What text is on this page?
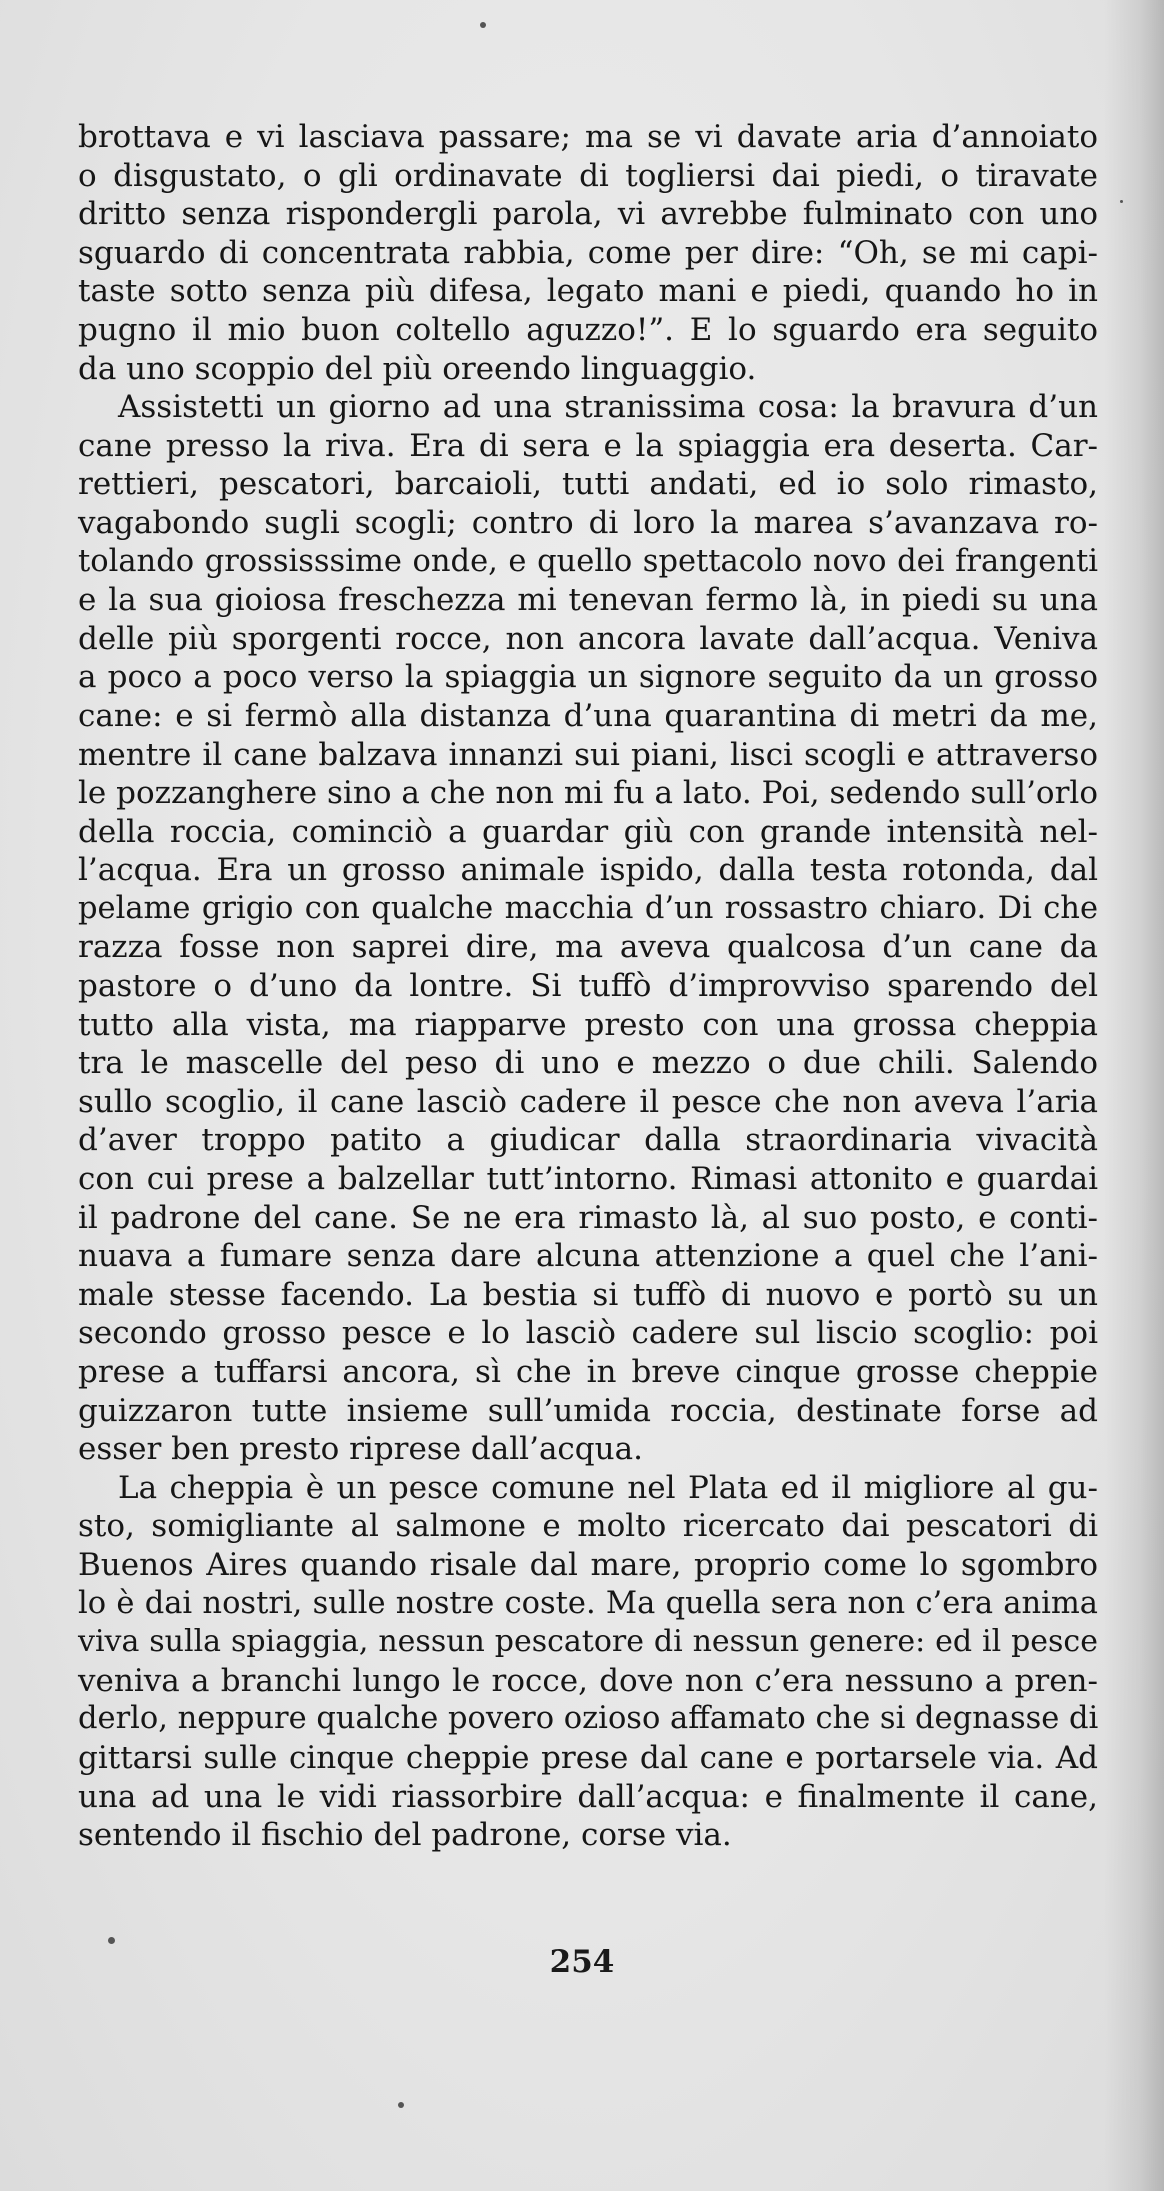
brottava e vi lasciava passare; ma se vi davate aria d’annoiato
o disgustato, o gli ordinavate di togliersi dai piedi, o tiravate
dritto senza rispondergli parola, vi avrebbe fulminato con uno
sguardo di concentrata rabbia, come per dire: “Oh, se mi capi-
taste sotto senza più difesa, legato mani e piedi, quando ho in
pugno il mio buon coltello aguzzo!”. E lo sguardo era seguito
da uno scoppio del più oreendo linguaggio.
Assistetti un giorno ad una stranissima cosa: la bravura d’un
cane presso la riva. Era di sera e la spiaggia era deserta. Car-
rettieri, pescatori, barcaioli, tutti andati, ed io solo rimasto,
vagabondo sugli scogli; contro di loro la marea s’avanzava ro-
tolando grossisssime onde, e quello spettacolo novo dei frangenti
e la sua gioiosa freschezza mi tenevan fermo là, in piedi su una
delle più sporgenti rocce, non ancora lavate dall’acqua. Veniva
a poco a poco verso la spiaggia un signore seguito da un grosso
cane: e si fermò alla distanza d’una quarantina di metri da me,
mentre il cane balzava innanzi sui piani, lisci scogli e attraverso
le pozzanghere sino a che non mi fu a lato. Poi, sedendo sull’orlo
della roccia, cominciò a guardar giù con grande intensità nel-
l’acqua. Era un grosso animale ispido, dalla testa rotonda, dal
pelame grigio con qualche macchia d’un rossastro chiaro. Di che
razza fosse non saprei dire, ma aveva qualcosa d’un cane da
pastore o d’uno da lontre. Si tuffò d’improvviso sparendo del
tutto alla vista, ma riapparve presto con una grossa cheppia
tra le mascelle del peso di uno e mezzo o due chili. Salendo
sullo scoglio, il cane lasciò cadere il pesce che non aveva l’aria
d’aver troppo patito a giudicar dalla straordinaria vivacità
con cui prese a balzellar tutt’intorno. Rimasi attonito e guardai
il padrone del cane. Se ne era rimasto là, al suo posto, e conti-
nuava a fumare senza dare alcuna attenzione a quel che l’ani-
male stesse facendo. La bestia si tuffò di nuovo e portò su un
secondo grosso pesce e lo lasciò cadere sul liscio scoglio: poi
prese a tuffarsi ancora, sì che in breve cinque grosse cheppie
guizzaron tutte insieme sull’umida roccia, destinate forse ad
esser ben presto riprese dall’acqua.
La cheppia è un pesce comune nel Plata ed il migliore al gu-
sto, somigliante al salmone e molto ricercato dai pescatori di
Buenos Aires quando risale dal mare, proprio come lo sgombro
lo è dai nostri, sulle nostre coste. Ma quella sera non c’era anima
viva sulla spiaggia, nessun pescatore di nessun genere: ed il pesce
veniva a branchi lungo le rocce, dove non c’era nessuno a pren-
derlo, neppure qualche povero ozioso affamato che si degnasse di
gittarsi sulle cinque cheppie prese dal cane e portarsele via. Ad
una ad una le vidi riassorbire dall’acqua: e finalmente il cane,
sentendo il fischio del padrone, corse via.
254
